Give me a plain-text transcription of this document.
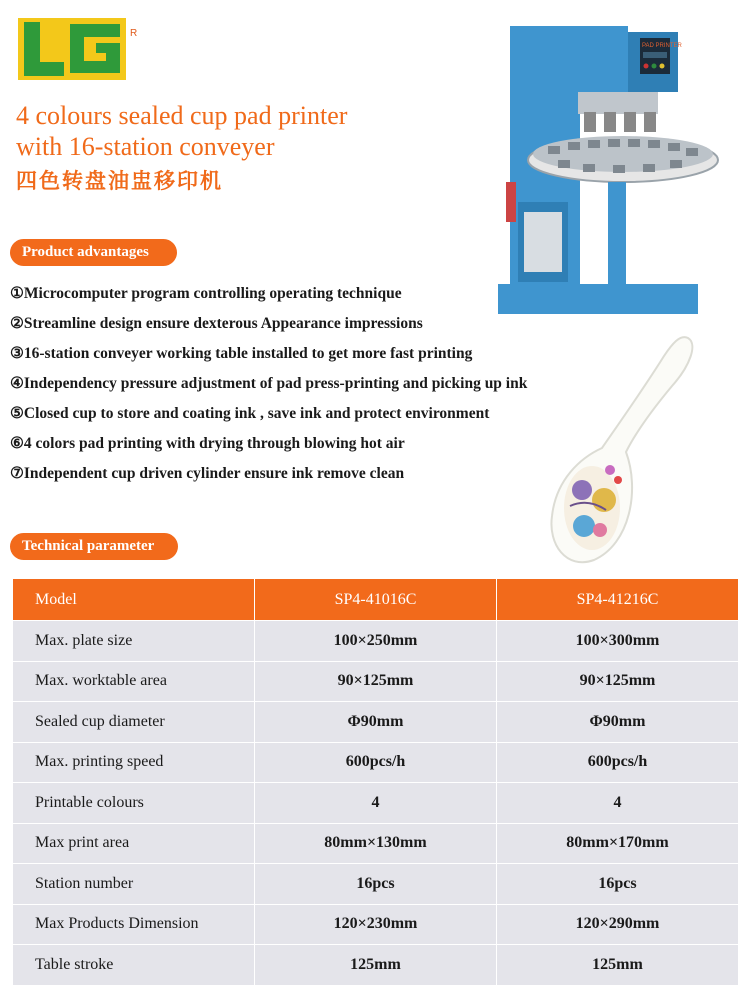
R
4 colours sealed cup pad printer
with 16-station conveyer
四色转盘油盅移印机
PAD PRINTER
Product advantages
①Microcomputer program controlling operating technique
②Streamline design ensure dexterous Appearance impressions
③16-station conveyer working table installed to get more fast printing
④Independency pressure adjustment of pad press-printing and picking up ink
⑤Closed cup to store and coating ink , save ink and protect environment
⑥4 colors pad printing with drying through blowing hot air
⑦Independent cup driven cylinder ensure ink remove clean
Technical parameter
Model	SP4-41016C	SP4-41216C
Max. plate size	100×250mm	100×300mm
Max. worktable area	90×125mm	90×125mm
Sealed cup diameter	Φ90mm	Φ90mm
Max. printing speed	600pcs/h	600pcs/h
Printable colours	4	4
Max print area	80mm×130mm	80mm×170mm
Station number	16pcs	16pcs
Max Products Dimension	120×230mm	120×290mm
Table stroke	125mm	125mm
